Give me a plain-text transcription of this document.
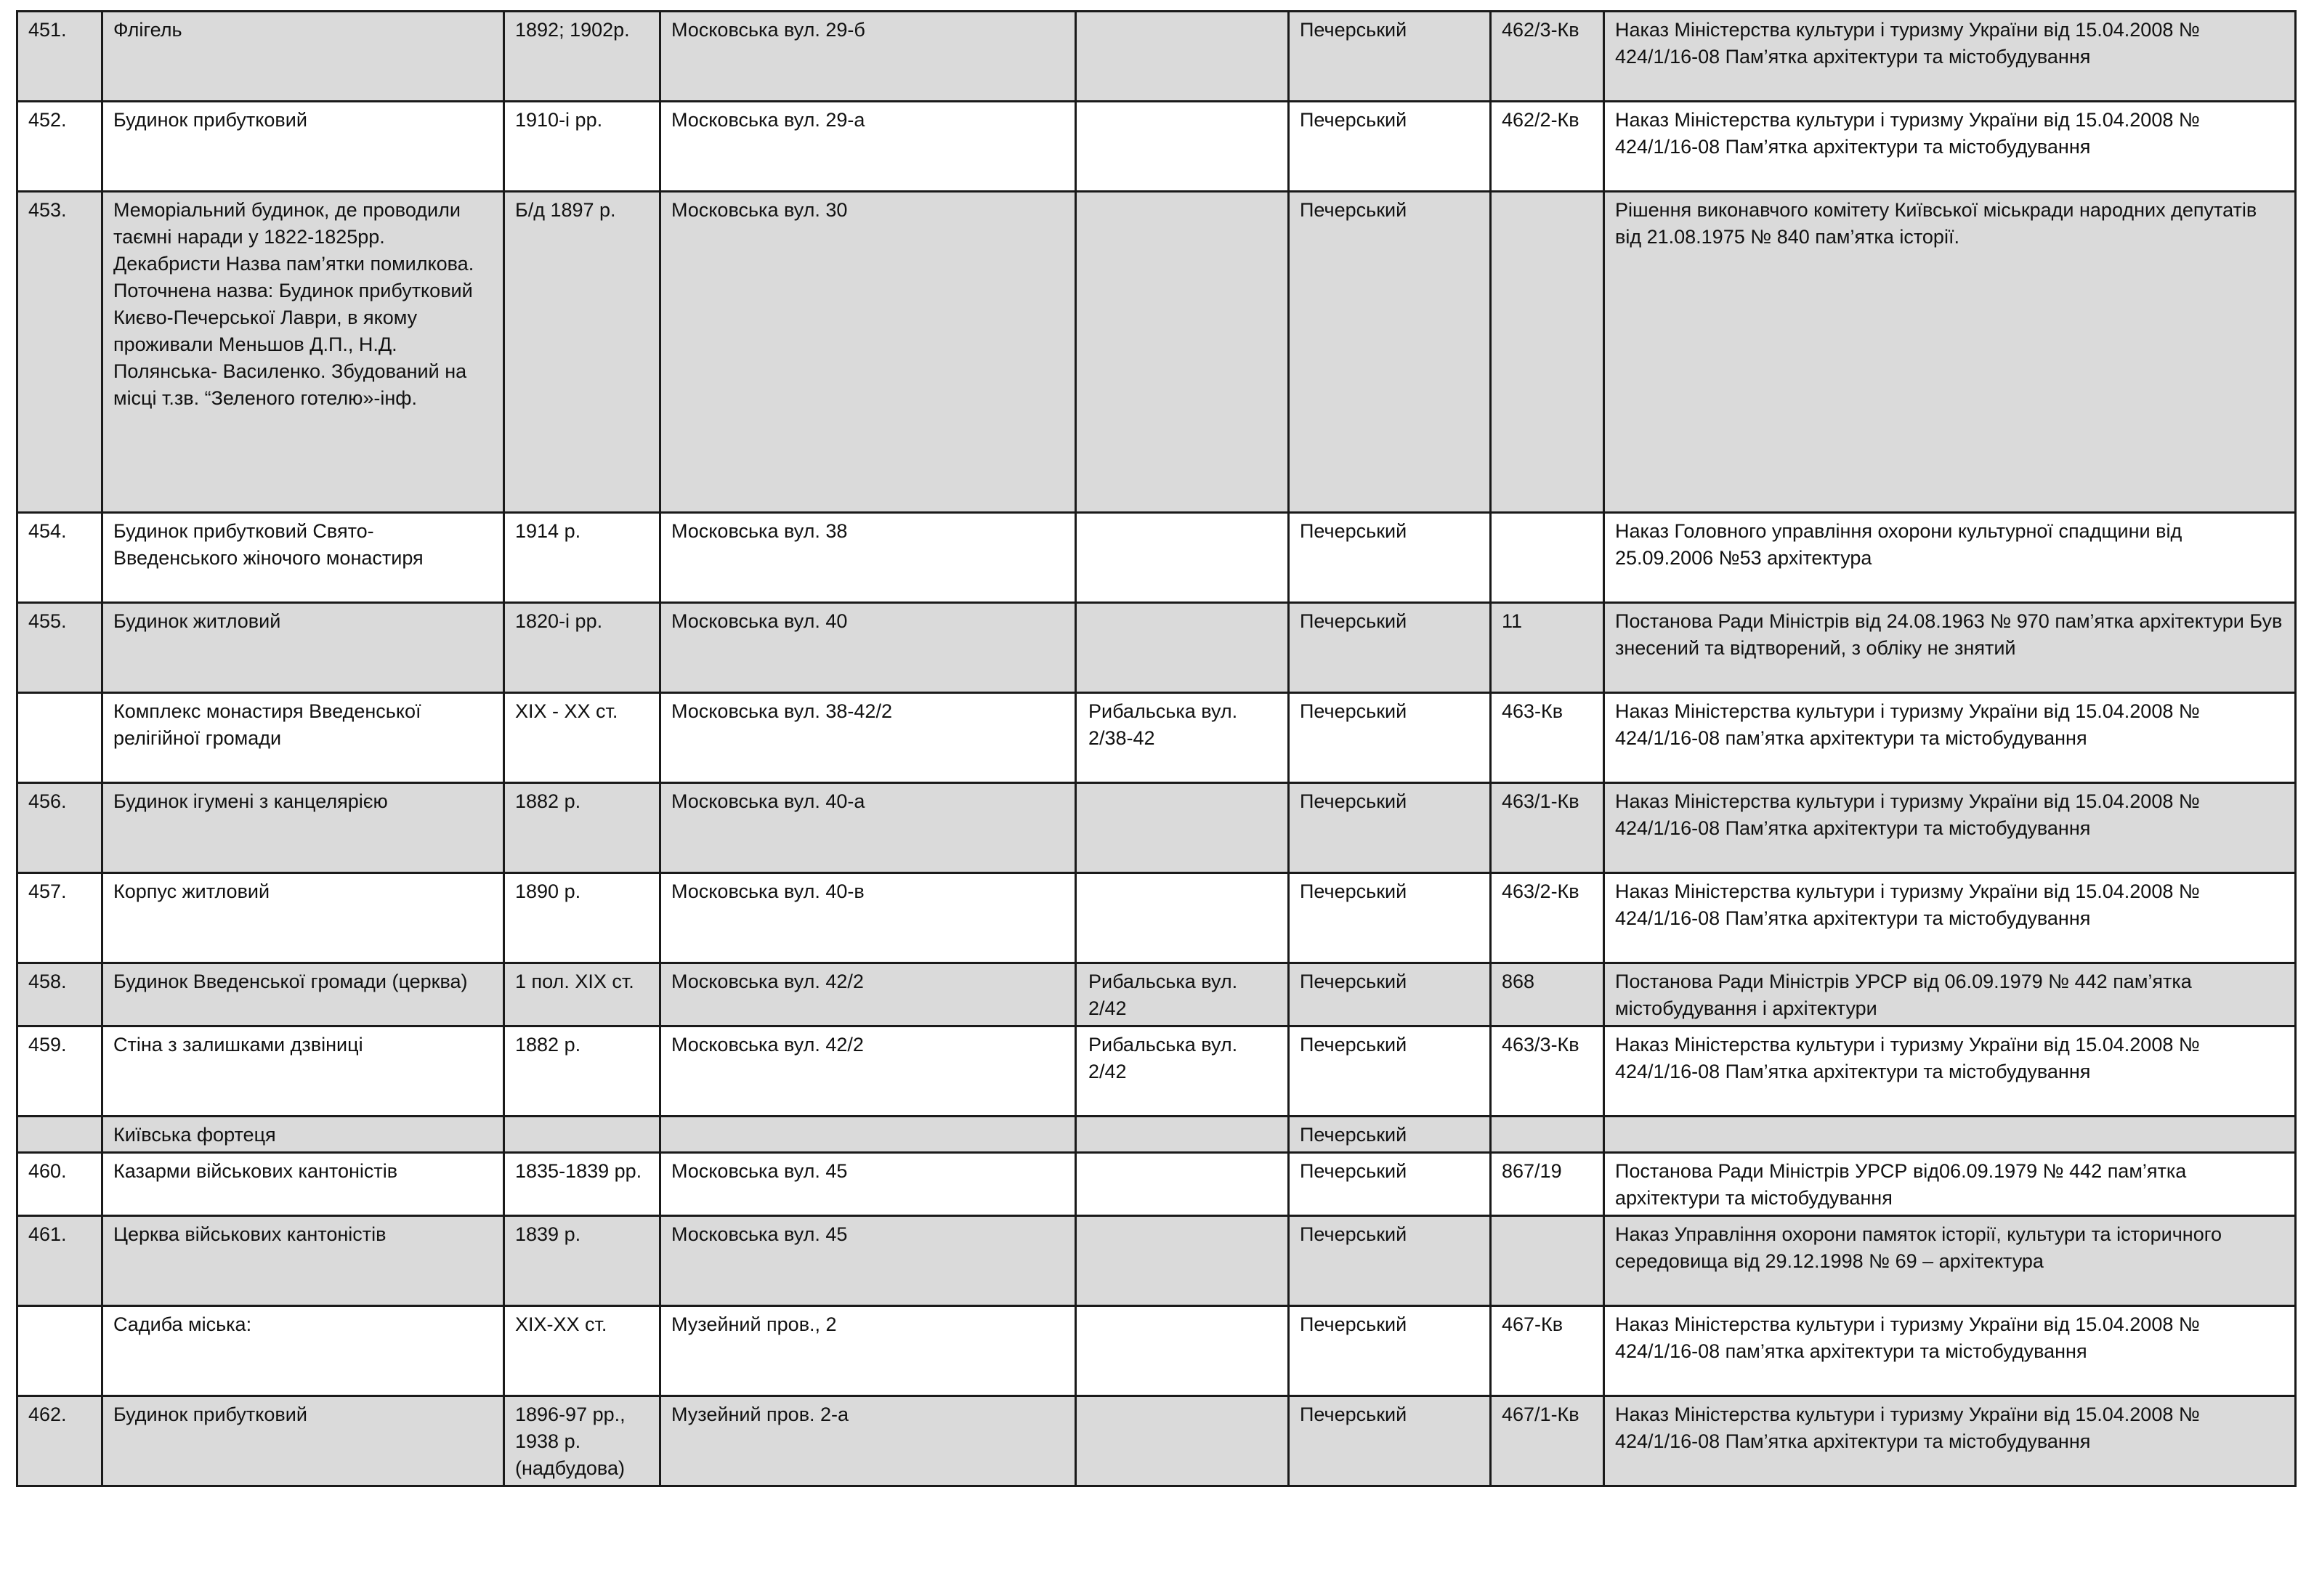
451.	Флігель	1892; 1902р.	Московська вул. 29-б		Печерський	462/3-Кв	Наказ Міністерства культури і туризму України від 15.04.2008 № 424/1/16-08 Пам’ятка архітектури та містобудування
452.	Будинок прибутковий	1910-і рр.	Московська вул. 29-а		Печерський	462/2-Кв	Наказ Міністерства культури і туризму України від 15.04.2008 № 424/1/16-08 Пам’ятка архітектури та містобудування
453.	Меморіальний будинок, де проводили таємні наради у 1822-1825рр. Декабристи Назва пам’ятки помилкова. Поточнена назва: Будинок прибутковий Києво-Печерської Лаври, в якому проживали Меньшов Д.П., Н.Д. Полянська- Василенко. Збудований на місці т.зв. “Зеленого готелю»-інф.	Б/д 1897 р.	Московська вул. 30		Печерський		Рішення виконавчого комітету Київської міськради народних депутатів від 21.08.1975 № 840 пам’ятка історії.
454.	Будинок прибутковий Свято-Введенського жіночого монастиря	1914 р.	Московська вул. 38		Печерський		Наказ Головного управління охорони культурної спадщини від 25.09.2006 №53 архітектура
455.	Будинок житловий	1820-і рр.	Московська вул. 40		Печерський	11	Постанова Ради Міністрів від 24.08.1963 № 970 пам’ятка архітектури Був знесений та відтворений, з обліку не знятий
	Комплекс монастиря Введенської релігійної громади	XIX - XX ст.	Московська вул. 38-42/2	Рибальська вул. 2/38-42	Печерський	463-Кв	Наказ Міністерства культури і туризму України від 15.04.2008 № 424/1/16-08 пам’ятка архітектури та містобудування
456.	Будинок ігумені з канцелярією	1882 р.	Московська вул. 40-а		Печерський	463/1-Кв	Наказ Міністерства культури і туризму України від 15.04.2008 № 424/1/16-08 Пам’ятка архітектури та містобудування
457.	Корпус житловий	1890 р.	Московська вул. 40-в		Печерський	463/2-Кв	Наказ Міністерства культури і туризму України від 15.04.2008 № 424/1/16-08 Пам’ятка архітектури та містобудування
458.	Будинок Введенської громади (церква)	1 пол. XIX ст.	Московська вул. 42/2	Рибальська вул. 2/42	Печерський	868	Постанова Ради Міністрів УРСР від 06.09.1979 № 442 пам’ятка містобудування і архітектури
459.	Стіна з залишками дзвіниці	1882 р.	Московська вул. 42/2	Рибальська вул. 2/42	Печерський	463/3-Кв	Наказ Міністерства культури і туризму України від 15.04.2008 № 424/1/16-08 Пам’ятка архітектури та містобудування
	Київська фортеця				Печерський		
460.	Казарми військових кантоністів	1835-1839 рр.	Московська вул. 45		Печерський	867/19	Постанова Ради Міністрів УРСР від06.09.1979 № 442 пам’ятка архітектури та містобудування
461.	Церква військових кантоністів	1839 р.	Московська вул. 45		Печерський		Наказ Управління охорони памяток історії, культури та історичного середовища від 29.12.1998 № 69 – архітектура
	Садиба міська:	XIX-XX ст.	Музейний пров., 2		Печерський	467-Кв	Наказ Міністерства культури і туризму України від 15.04.2008 № 424/1/16-08 пам’ятка архітектури та містобудування
462.	Будинок прибутковий	1896-97 рр., 1938 р. (надбудова)	Музейний пров. 2-а		Печерський	467/1-Кв	Наказ Міністерства культури і туризму України від 15.04.2008 № 424/1/16-08 Пам’ятка архітектури та містобудування
